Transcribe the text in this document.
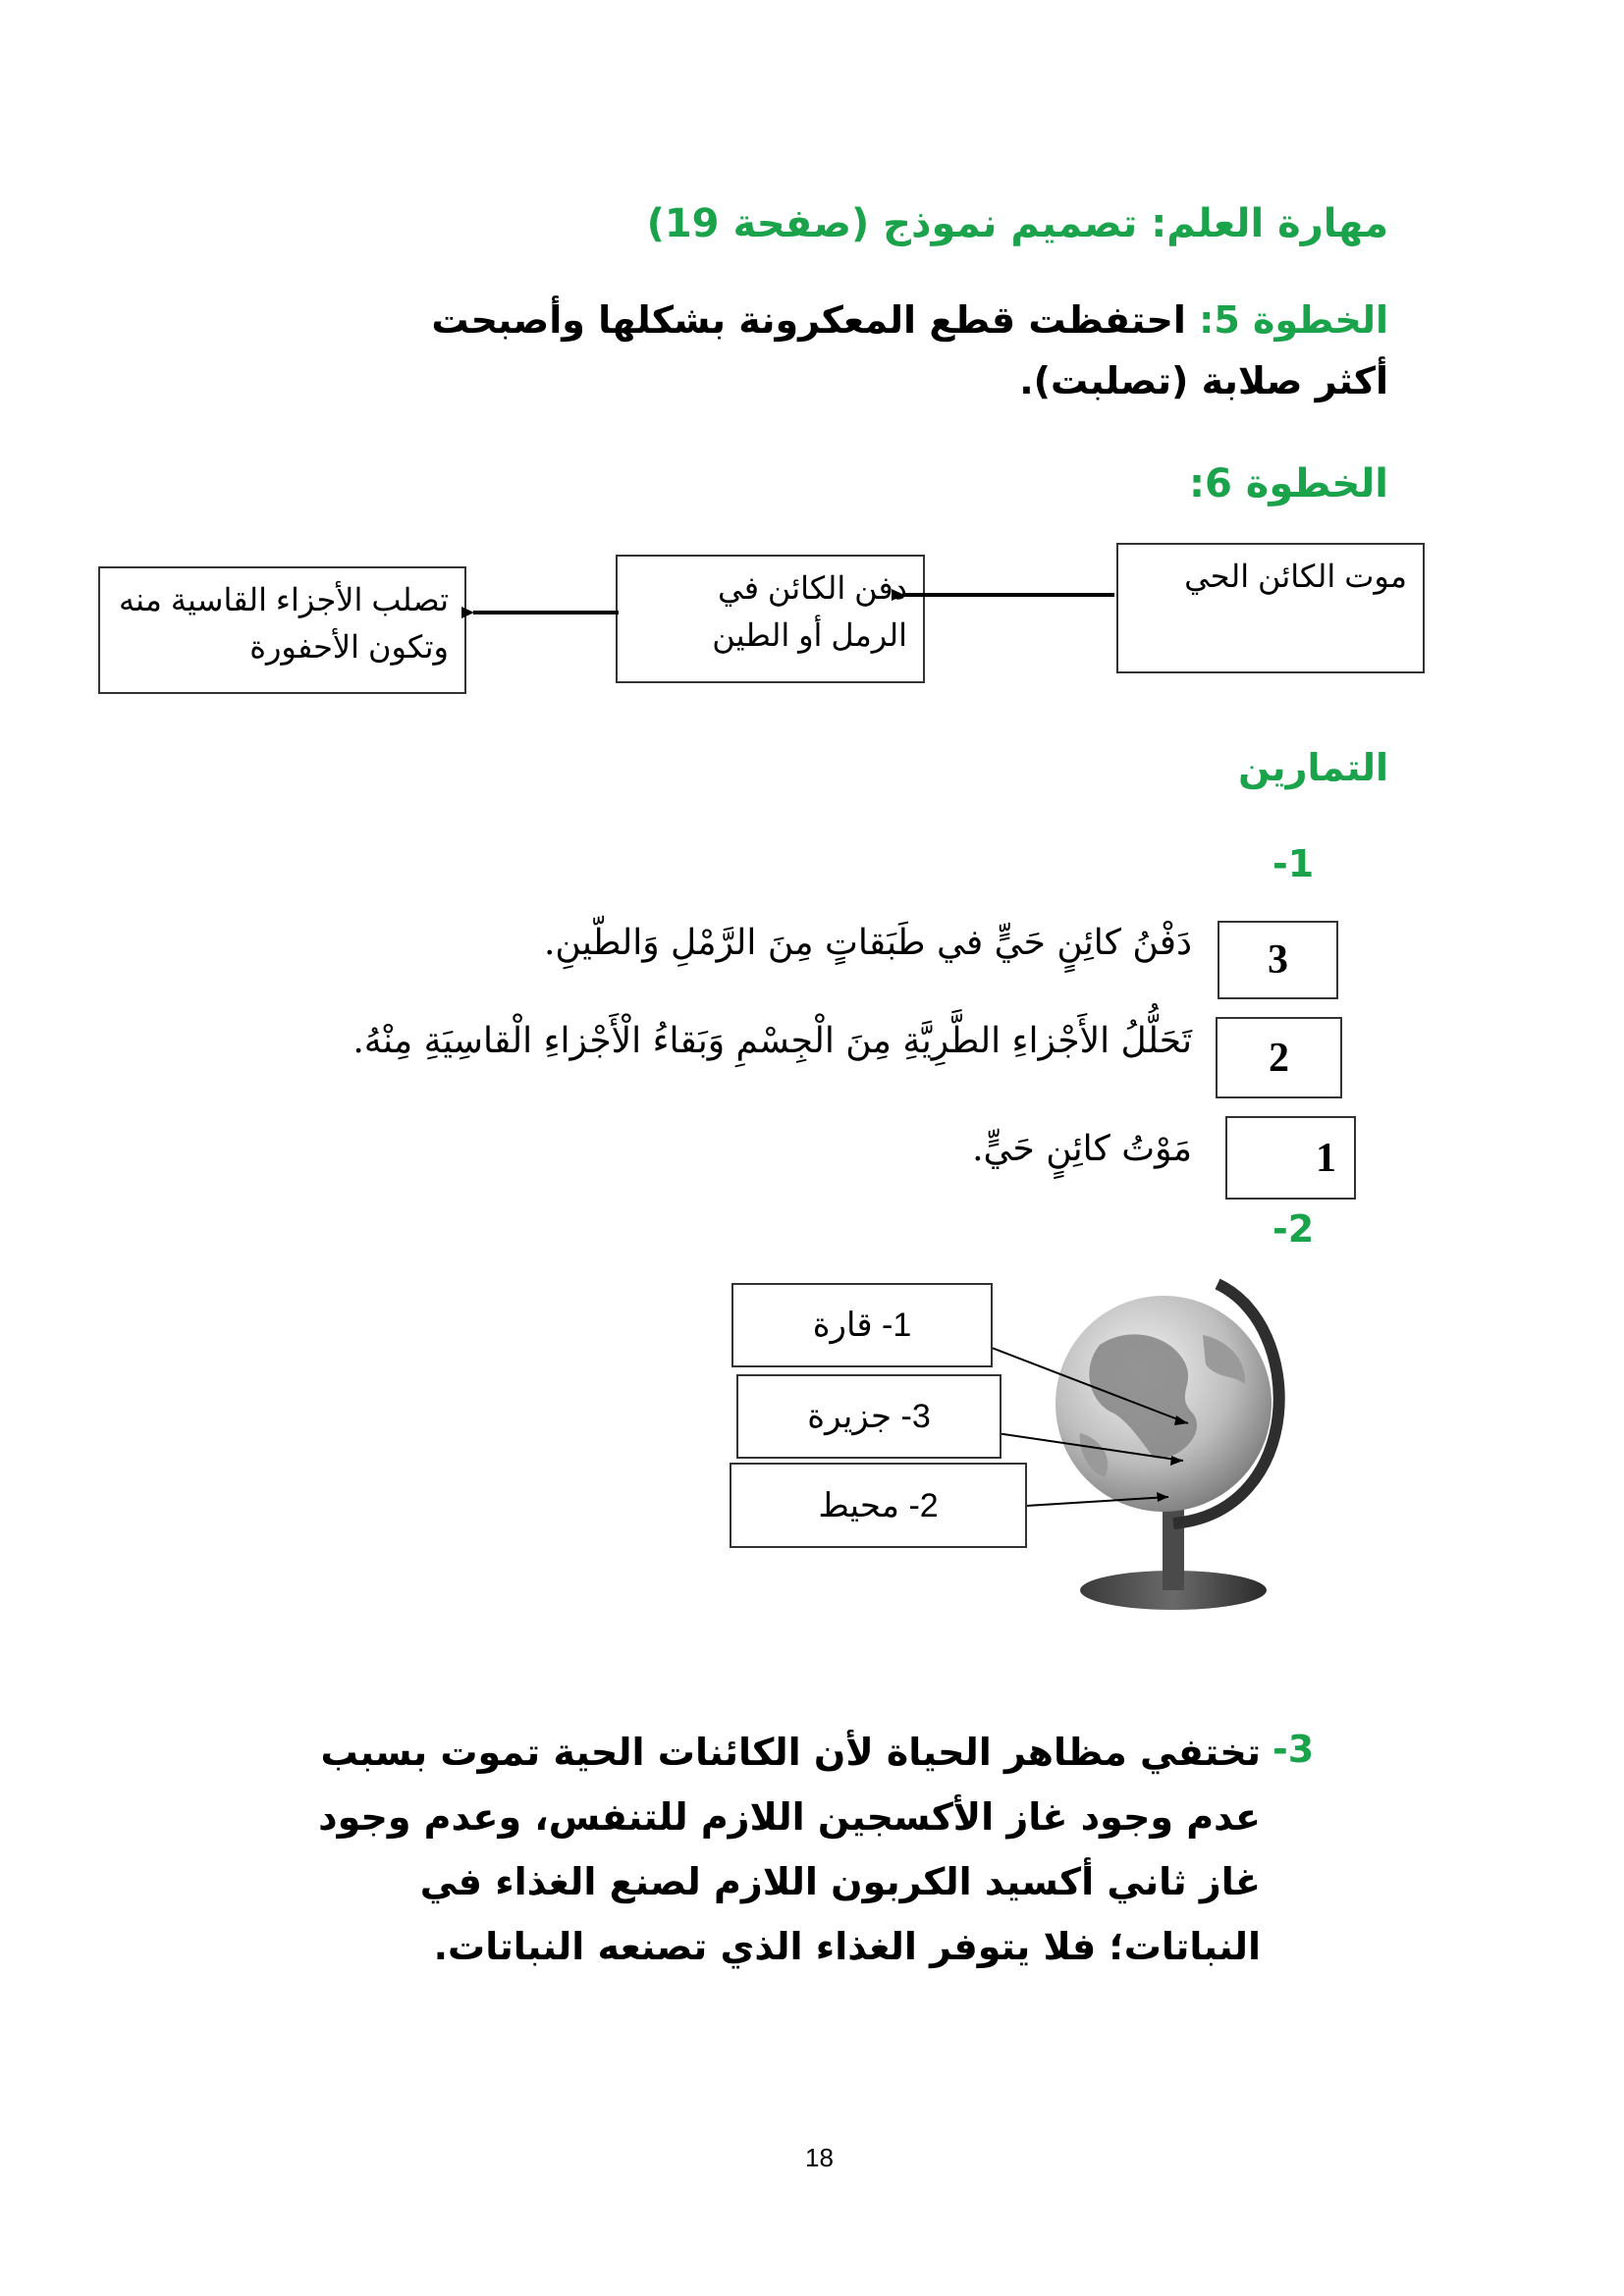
مهارة العلم: تصميم نموذج (صفحة 19)
الخطوة 5: احتفظت قطع المعكرونة بشكلها وأصبحت أكثر صلابة (تصلبت).
الخطوة 6:
موت الكائن الحي
دفن الكائن في الرمل أو الطين
تصلب الأجزاء القاسية منه وتكون الأحفورة
التمارين
-1
3
دَفْنُ كائِنٍ حَيٍّ في طَبَقاتٍ مِنَ الرَّمْلِ وَالطّينِ.
2
تَحَلُّلُ الأَجْزاءِ الطَّرِيَّةِ مِنَ الْجِسْمِ وَبَقاءُ الْأَجْزاءِ الْقاسِيَةِ مِنْهُ.
1
مَوْتُ كائِنٍ حَيٍّ.
-2
1- قارة
3- جزيرة
2- محيط
-3
تختفي مظاهر الحياة لأن الكائنات الحية تموت بسبب عدم وجود غاز الأكسجين اللازم للتنفس، وعدم وجود غاز ثاني أكسيد الكربون اللازم لصنع الغذاء في النباتات؛ فلا يتوفر الغذاء الذي تصنعه النباتات.
18
